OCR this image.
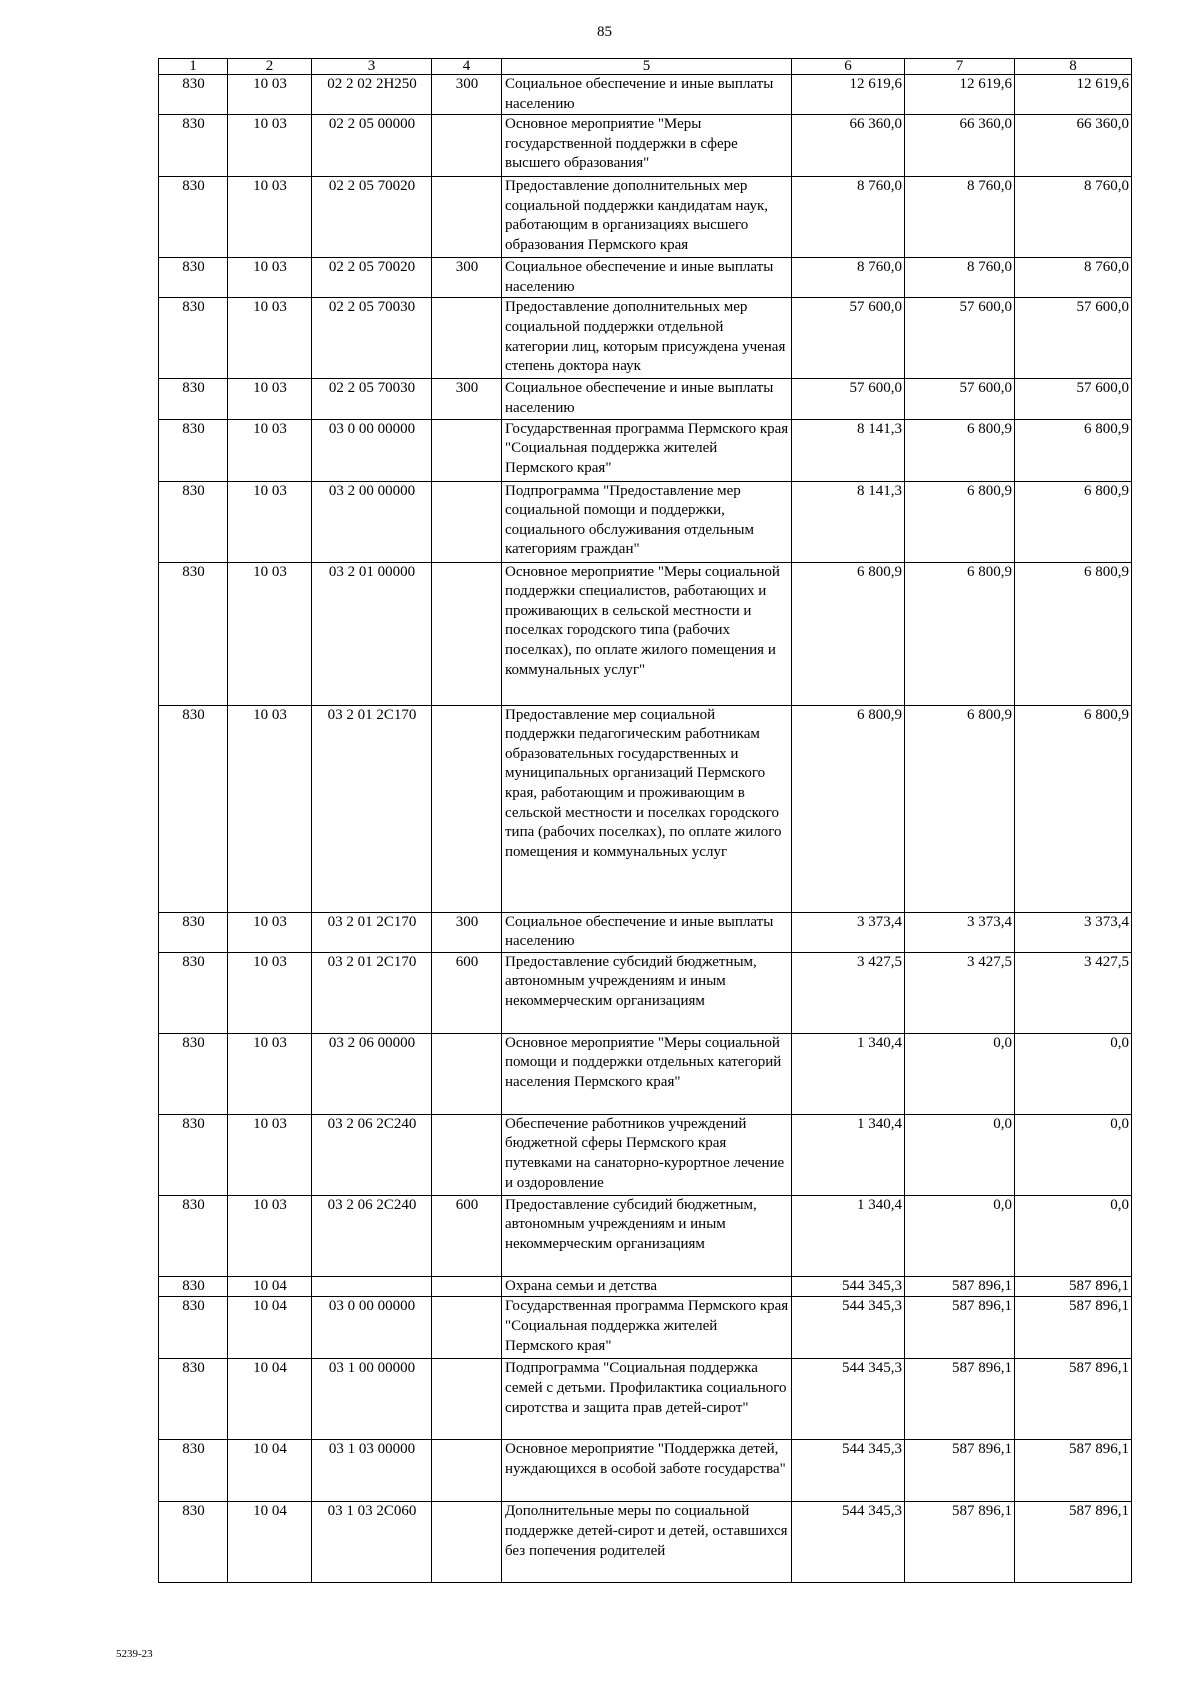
85
1	2	3	4	5	6	7	8
830	10 03	02 2 02 2Н250	300	Социальное обеспечение и иные выплаты населению	12 619,6	12 619,6	12 619,6
830	10 03	02 2 05 00000		Основное мероприятие "Меры государственной поддержки в сфере высшего образования"	66 360,0	66 360,0	66 360,0
830	10 03	02 2 05 70020		Предоставление дополнительных мер социальной поддержки кандидатам наук, работающим в организациях высшего образования Пермского края	8 760,0	8 760,0	8 760,0
830	10 03	02 2 05 70020	300	Социальное обеспечение и иные выплаты населению	8 760,0	8 760,0	8 760,0
830	10 03	02 2 05 70030		Предоставление дополнительных мер социальной поддержки отдельной категории лиц, которым присуждена ученая степень доктора наук	57 600,0	57 600,0	57 600,0
830	10 03	02 2 05 70030	300	Социальное обеспечение и иные выплаты населению	57 600,0	57 600,0	57 600,0
830	10 03	03 0 00 00000		Государственная программа Пермского края "Социальная поддержка жителей Пермского края"	8 141,3	6 800,9	6 800,9
830	10 03	03 2 00 00000		Подпрограмма "Предоставление мер социальной помощи и поддержки, социального обслуживания отдельным категориям граждан"	8 141,3	6 800,9	6 800,9
830	10 03	03 2 01 00000		Основное мероприятие "Меры социальной поддержки специалистов, работающих и проживающих в сельской местности и поселках городского типа (рабочих поселках), по оплате жилого помещения и коммунальных услуг"	6 800,9	6 800,9	6 800,9
830	10 03	03 2 01 2С170		Предоставление мер социальной поддержки педагогическим работникам образовательных государственных и муниципальных организаций Пермского края, работающим и проживающим в сельской местности и поселках городского типа (рабочих поселках), по оплате жилого помещения и коммунальных услуг	6 800,9	6 800,9	6 800,9
830	10 03	03 2 01 2С170	300	Социальное обеспечение и иные выплаты населению	3 373,4	3 373,4	3 373,4
830	10 03	03 2 01 2С170	600	Предоставление субсидий бюджетным, автономным учреждениям и иным некоммерческим организациям	3 427,5	3 427,5	3 427,5
830	10 03	03 2 06 00000		Основное мероприятие "Меры социальной помощи и поддержки отдельных категорий населения Пермского края"	1 340,4	0,0	0,0
830	10 03	03 2 06 2С240		Обеспечение работников учреждений бюджетной сферы Пермского края путевками на санаторно-курортное лечение и оздоровление	1 340,4	0,0	0,0
830	10 03	03 2 06 2С240	600	Предоставление субсидий бюджетным, автономным учреждениям и иным некоммерческим организациям	1 340,4	0,0	0,0
830	10 04			Охрана семьи и детства	544 345,3	587 896,1	587 896,1
830	10 04	03 0 00 00000		Государственная программа Пермского края "Социальная поддержка жителей Пермского края"	544 345,3	587 896,1	587 896,1
830	10 04	03 1 00 00000		Подпрограмма "Социальная поддержка семей с детьми. Профилактика социального сиротства и защита прав детей-сирот"	544 345,3	587 896,1	587 896,1
830	10 04	03 1 03 00000		Основное мероприятие "Поддержка детей, нуждающихся в особой заботе государства"	544 345,3	587 896,1	587 896,1
830	10 04	03 1 03 2С060		Дополнительные меры по социальной поддержке детей-сирот и детей, оставшихся без попечения родителей	544 345,3	587 896,1	587 896,1
5239-23
